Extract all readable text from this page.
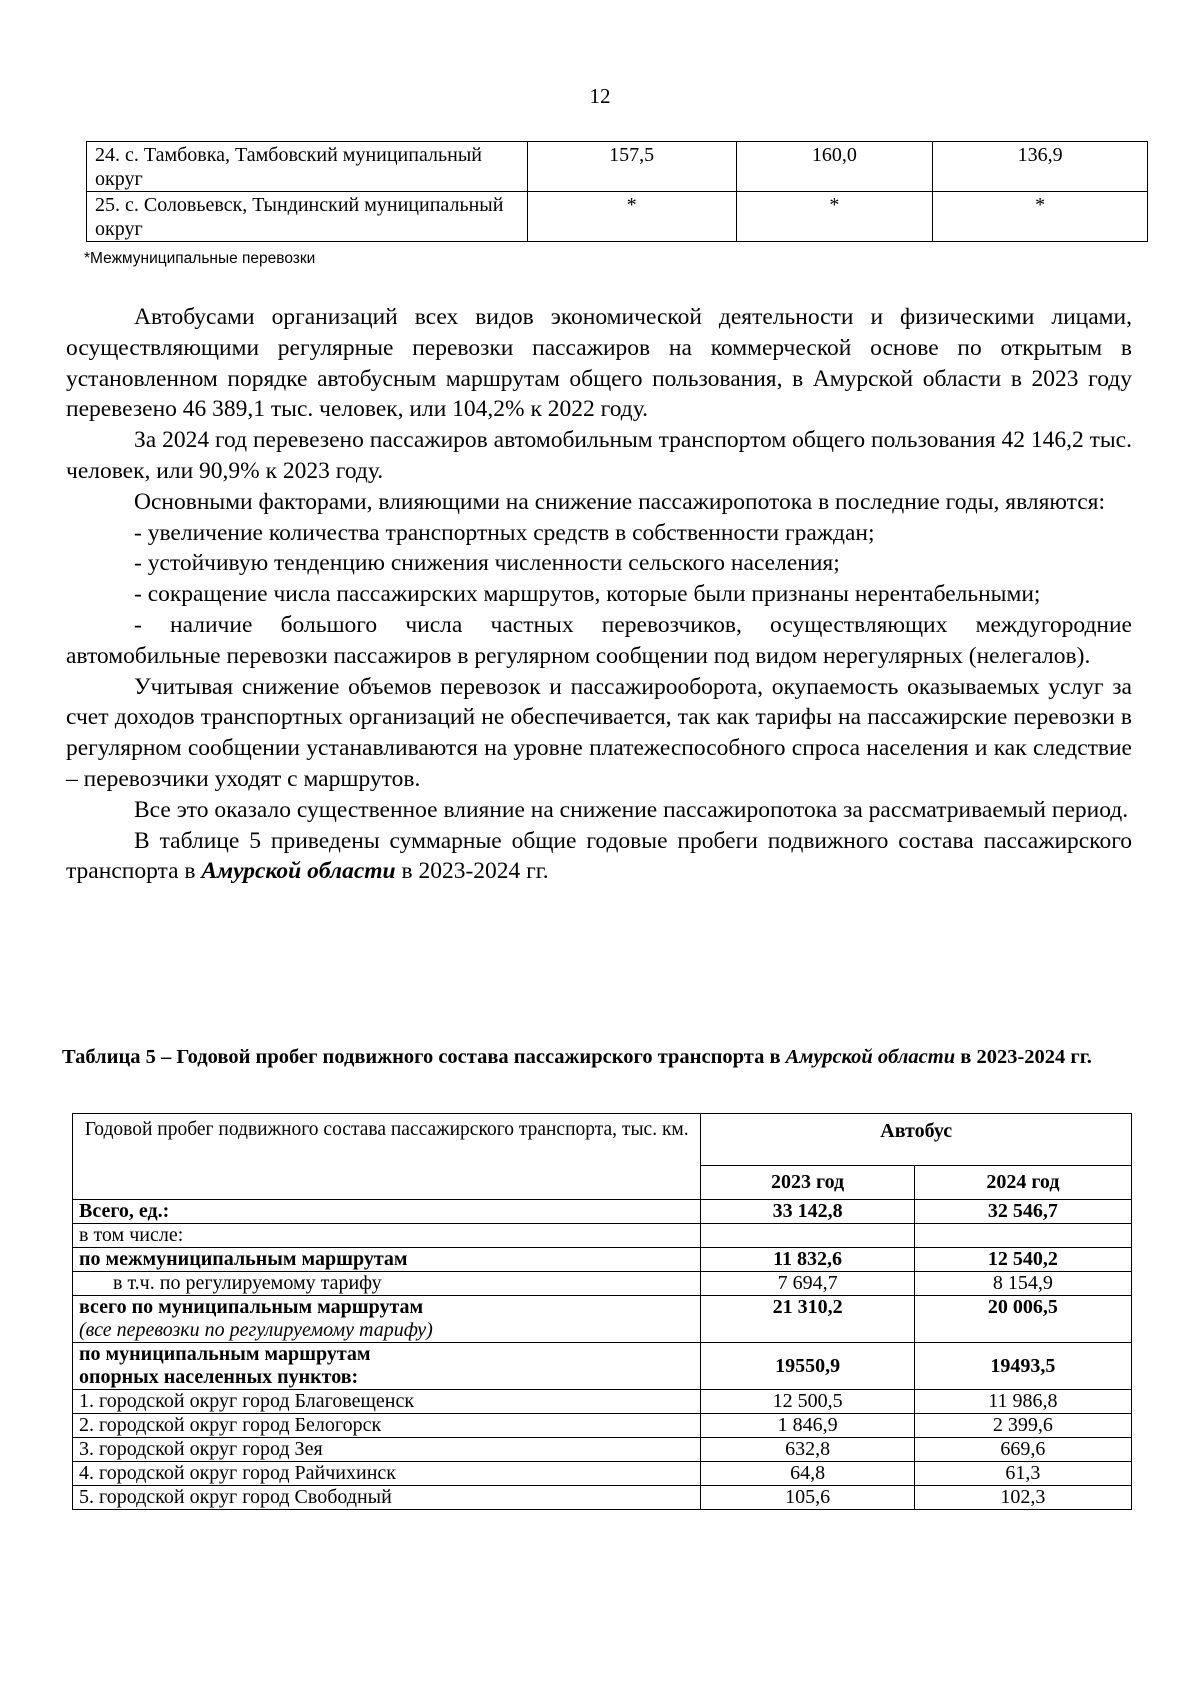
12
24. с. Тамбовка, Тамбовский муниципальный округ	157,5	160,0	136,9
25. с. Соловьевск, Тындинский муниципальный округ	*	*	*
*Межмуниципальные перевозки

Автобусами организаций всех видов экономической деятельности и физическими лицами, осуществляющими регулярные перевозки пассажиров на коммерческой основе по открытым в установленном порядке автобусным маршрутам общего пользования, в Амурской области в 2023 году перевезено 46 389,1 тыс. человек, или 104,2% к 2022 году.

За 2024 год перевезено пассажиров автомобильным транспортом общего пользования 42 146,2 тыс. человек, или 90,9% к 2023 году.

Основными факторами, влияющими на снижение пассажиропотока в последние годы, являются:

- увеличение количества транспортных средств в собственности граждан;

- устойчивую тенденцию снижения численности сельского населения;

- сокращение числа пассажирских маршрутов, которые были признаны нерентабельными;

- наличие большого числа частных перевозчиков, осуществляющих междугородние автомобильные перевозки пассажиров в регулярном сообщении под видом нерегулярных (нелегалов).

Учитывая снижение объемов перевозок и пассажирооборота, окупаемость оказываемых услуг за счет доходов транспортных организаций не обеспечивается, так как тарифы на пассажирские перевозки в регулярном сообщении устанавливаются на уровне платежеспособного спроса населения и как следствие – перевозчики уходят с маршрутов.

Все это оказало существенное влияние на снижение пассажиропотока за рассматриваемый период.

В таблице 5 приведены суммарные общие годовые пробеги подвижного состава пассажирского транспорта в Амурской области в 2023-2024 гг.

Таблица 5 – Годовой пробег подвижного состава пассажирского транспорта в Амурской области в 2023-2024 гг.
Годовой пробег подвижного состава пассажирского транспорта, тыс. км.	Автобус	
	2023 год	2024 год
Всего, ед.:	33 142,8	32 546,7
в том числе:		
по межмуниципальным маршрутам	11 832,6	12 540,2
в т.ч. по регулируемому тарифу	7 694,7	8 154,9

всего по муниципальным маршрутам
(все перевозки по регулируемому тарифу)	21 310,2	20 006,5

по муниципальным маршрутам
опорных населенных пунктов:	19550,9	19493,5
1. городской округ город Благовещенск	12 500,5	11 986,8
2. городской округ город Белогорск	1 846,9	2 399,6
3. городской округ город Зея	632,8	669,6
4. городской округ город Райчихинск	64,8	61,3
5. городской округ город Свободный	105,6	102,3
